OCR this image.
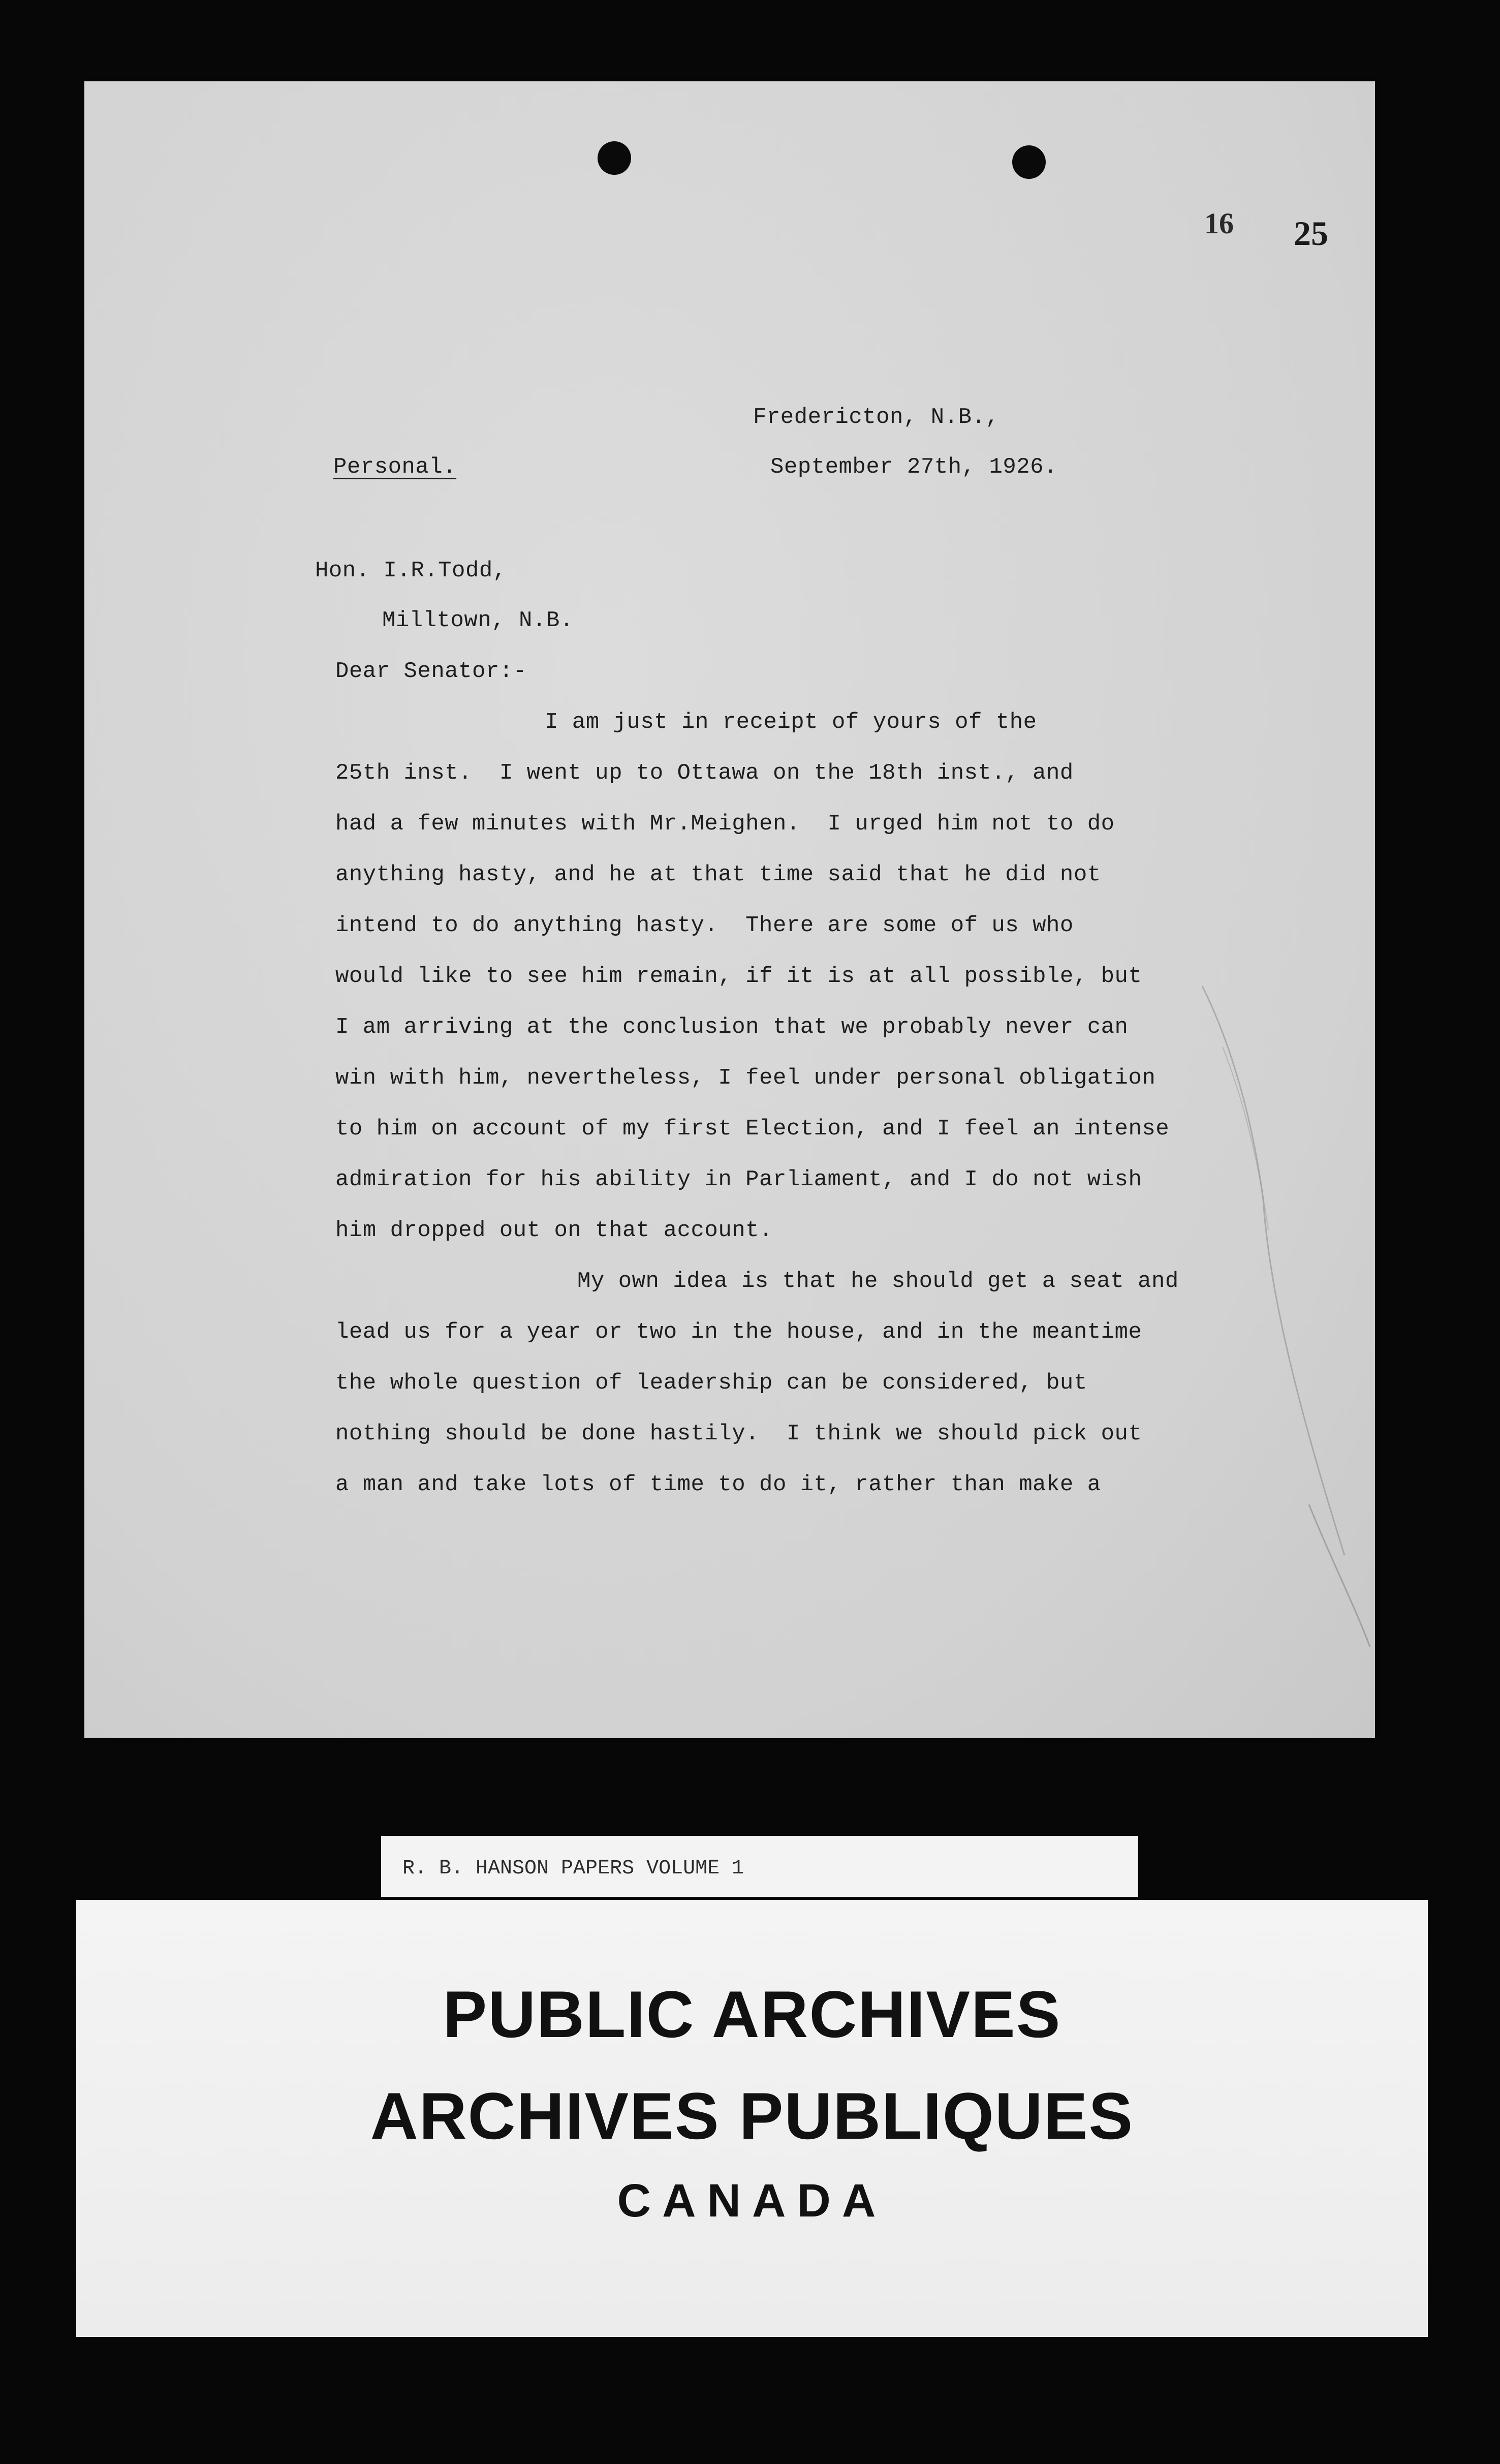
16 25
Fredericton, N.B.,
Personal.	September 27th, 1926.
Hon. I.R.Todd,
Milltown, N.B.
Dear Senator:-
I am just in receipt of yours of the
25th inst.  I went up to Ottawa on the 18th inst., and
had a few minutes with Mr.Meighen.  I urged him not to do
anything hasty, and he at that time said that he did not
intend to do anything hasty.  There are some of us who
would like to see him remain, if it is at all possible, but
I am arriving at the conclusion that we probably never can
win with him, nevertheless, I feel under personal obligation
to him on account of my first Election, and I feel an intense
admiration for his ability in Parliament, and I do not wish
him dropped out on that account.
My own idea is that he should get a seat and
lead us for a year or two in the house, and in the meantime
the whole question of leadership can be considered, but
nothing should be done hastily.  I think we should pick out
a man and take lots of time to do it, rather than make a
R. B. HANSON PAPERS VOLUME 1
PUBLIC ARCHIVES
ARCHIVES PUBLIQUES
CANADA
